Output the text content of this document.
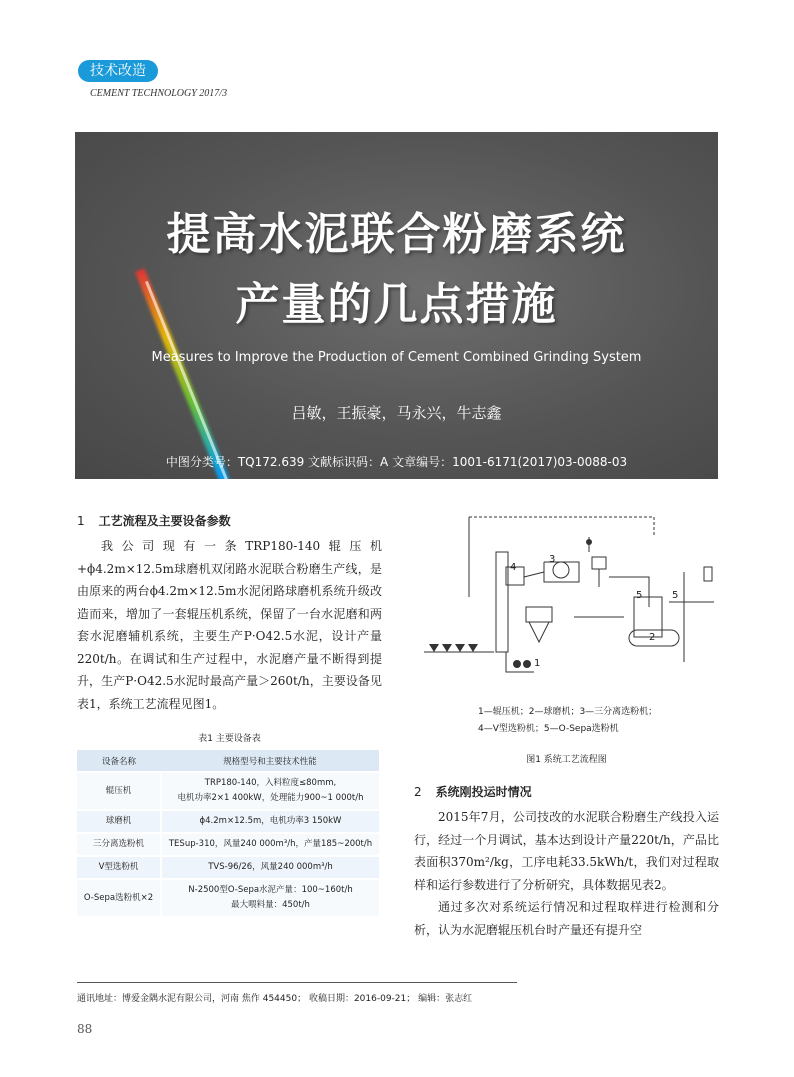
技术改造
CEMENT TECHNOLOGY 2017/3
提高水泥联合粉磨系统
产量的几点措施
Measures to Improve the Production of Cement Combined Grinding System
吕敏，王振豪，马永兴，牛志鑫
中图分类号：TQ172.639 文献标识码：A 文章编号：1001-6171(2017)03-0088-03
1 工艺流程及主要设备参数

我公司现有一条TRP180-140辊压机+ϕ4.2m×12.5m球磨机双闭路水泥联合粉磨生产线，是由原来的两台ϕ4.2m×12.5m水泥闭路球磨机系统升级改造而来，增加了一套辊压机系统，保留了一台水泥磨和两套水泥磨辅机系统，主要生产P·O42.5水泥，设计产量220t/h。在调试和生产过程中，水泥磨产量不断得到提升，生产P·O42.5水泥时最高产量＞260t/h，主要设备见表1，系统工艺流程见图1。

表1 主要设备表
设备名称	规格型号和主要技术性能
辊压机	TRP180-140，入料粒度≤80mm,
电机功率2×1 400kW，处理能力900~1 000t/h

球磨机	ϕ4.2m×12.5m，电机功率3 150kW

三分离选粉机	TESup-310，风量240 000m³/h，产量185~200t/h

V型选粉机	TVS-96/26，风量240 000m³/h

O-Sepa选粉机×2	N-2500型O-Sepa水泥产量：100~160t/h
最大喂料量：450t/h
3
4
5	5
2
1
1—辊压机；2—球磨机；3—三分离选粉机；
4—V型选粉机；5—O-Sepa选粉机
图1 系统工艺流程图
2 系统刚投运时情况

2015年7月，公司技改的水泥联合粉磨生产线投入运行，经过一个月调试，基本达到设计产量220t/h，产品比表面积370m²/kg，工序电耗33.5kWh/t，我们对过程取样和运行参数进行了分析研究，具体数据见表2。

通过多次对系统运行情况和过程取样进行检测和分析，认为水泥磨辊压机台时产量还有提升空

通讯地址：博爱金隅水泥有限公司，河南 焦作 454450； 收稿日期：2016-09-21； 编辑：张志红
88
